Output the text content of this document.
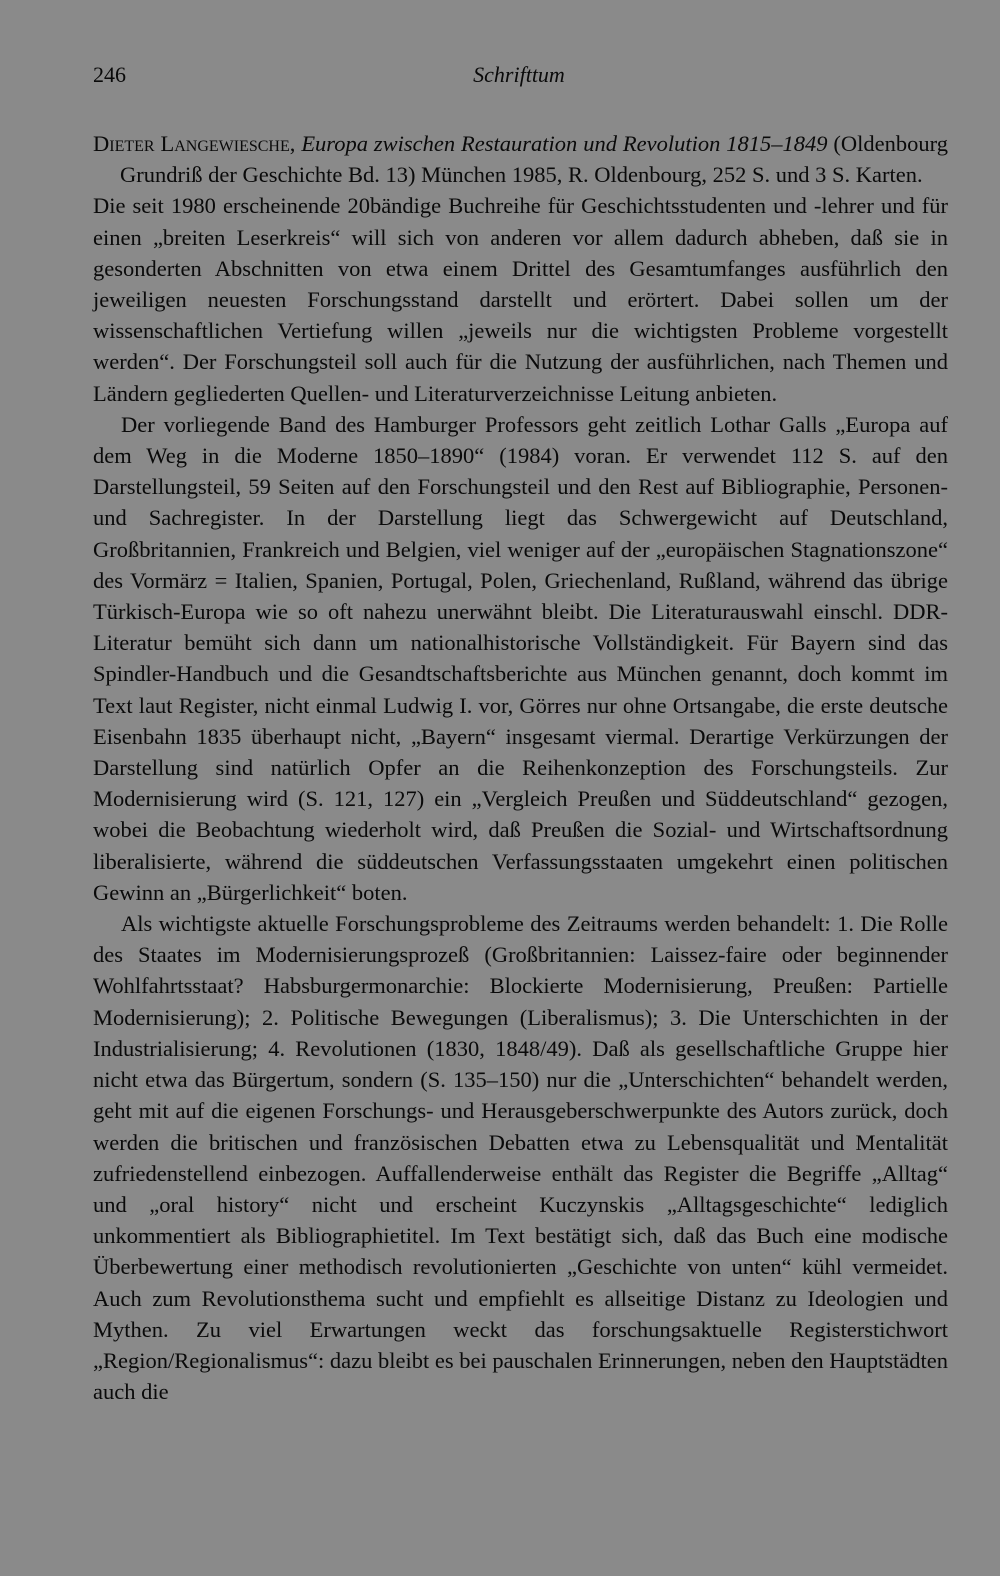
246	Schrifttum

Dieter Langewiesche, Europa zwischen Restauration und Revolution 1815–1849 (Oldenbourg Grundriß der Geschichte Bd. 13) München 1985, R. Oldenbourg, 252 S. und 3 S. Karten.

Die seit 1980 erscheinende 20bändige Buchreihe für Geschichtsstudenten und -lehrer und für einen „breiten Leserkreis“ will sich von anderen vor allem dadurch abheben, daß sie in gesonderten Abschnitten von etwa einem Drittel des Gesamtumfanges ausführlich den jeweiligen neuesten Forschungsstand darstellt und erörtert. Dabei sollen um der wissenschaftlichen Vertiefung willen „jeweils nur die wichtigsten Probleme vorgestellt werden“. Der Forschungsteil soll auch für die Nutzung der ausführlichen, nach Themen und Ländern gegliederten Quellen- und Literaturverzeichnisse Leitung anbieten.

Der vorliegende Band des Hamburger Professors geht zeitlich Lothar Galls „Europa auf dem Weg in die Moderne 1850–1890“ (1984) voran. Er verwendet 112 S. auf den Darstellungsteil, 59 Seiten auf den Forschungsteil und den Rest auf Bibliographie, Personen- und Sachregister. In der Darstellung liegt das Schwergewicht auf Deutschland, Großbritannien, Frankreich und Belgien, viel weniger auf der „europäischen Stagnationszone“ des Vormärz = Italien, Spanien, Portugal, Polen, Griechenland, Rußland, während das übrige Türkisch-Europa wie so oft nahezu unerwähnt bleibt. Die Literaturauswahl einschl. DDR-Literatur bemüht sich dann um nationalhistorische Vollständigkeit. Für Bayern sind das Spindler-Handbuch und die Gesandtschaftsberichte aus München genannt, doch kommt im Text laut Register, nicht einmal Ludwig I. vor, Görres nur ohne Ortsangabe, die erste deutsche Eisenbahn 1835 überhaupt nicht, „Bayern“ insgesamt viermal. Derartige Verkürzungen der Darstellung sind natürlich Opfer an die Reihenkonzeption des Forschungsteils. Zur Modernisierung wird (S. 121, 127) ein „Vergleich Preußen und Süddeutschland“ gezogen, wobei die Beobachtung wiederholt wird, daß Preußen die Sozial- und Wirtschaftsordnung liberalisierte, während die süddeutschen Verfassungsstaaten umgekehrt einen politischen Gewinn an „Bürgerlichkeit“ boten.

Als wichtigste aktuelle Forschungsprobleme des Zeitraums werden behandelt: 1. Die Rolle des Staates im Modernisierungsprozeß (Großbritannien: Laissez-faire oder beginnender Wohlfahrtsstaat? Habsburgermonarchie: Blockierte Modernisierung, Preußen: Partielle Modernisierung); 2. Politische Bewegungen (Liberalismus); 3. Die Unterschichten in der Industrialisierung; 4. Revolutionen (1830, 1848/49). Daß als gesellschaftliche Gruppe hier nicht etwa das Bürgertum, sondern (S. 135–150) nur die „Unterschichten“ behandelt werden, geht mit auf die eigenen Forschungs- und Herausgeberschwerpunkte des Autors zurück, doch werden die britischen und französischen Debatten etwa zu Lebensqualität und Mentalität zufriedenstellend einbezogen. Auffallenderweise enthält das Register die Begriffe „Alltag“ und „oral history“ nicht und erscheint Kuczynskis „Alltagsgeschichte“ lediglich unkommentiert als Bibliographietitel. Im Text bestätigt sich, daß das Buch eine modische Überbewertung einer methodisch revolutionierten „Geschichte von unten“ kühl vermeidet. Auch zum Revolutionsthema sucht und empfiehlt es allseitige Distanz zu Ideologien und Mythen. Zu viel Erwartungen weckt das forschungsaktuelle Registerstichwort „Region/Regionalismus“: dazu bleibt es bei pauschalen Erinnerungen, neben den Hauptstädten auch die
